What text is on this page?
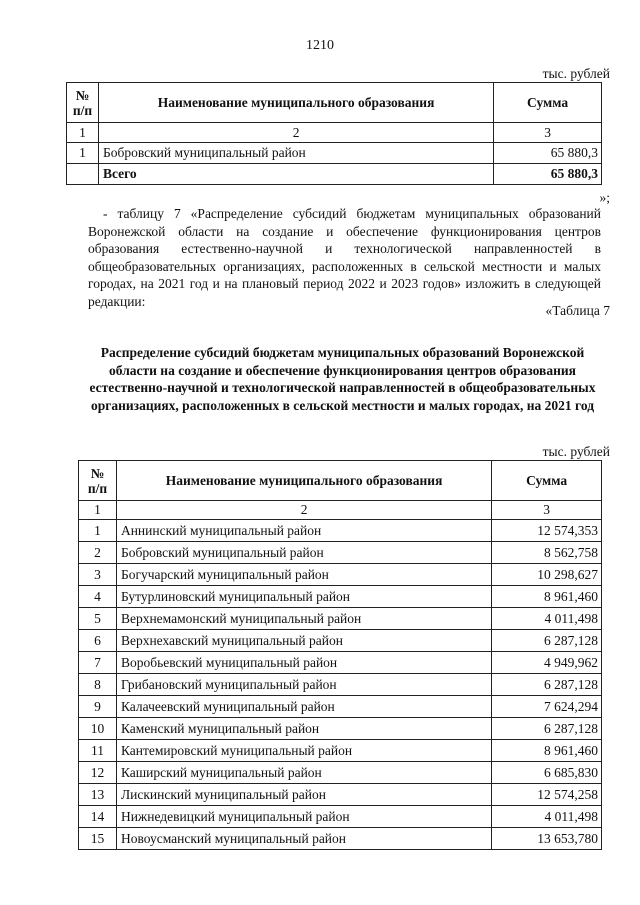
1210
тыс. рублей
№
п/п	Наименование муниципального образования	Сумма
1	2	3
1	Бобровский муниципальный район	65 880,3
	Всего	65 880,3
»;

- таблицу 7 «Распределение субсидий бюджетам муниципальных образований Воронежской области на создание и обеспечение функционирования центров образования естественно-научной и технологической направленностей в общеобразовательных организациях, расположенных в сельской местности и малых городах, на 2021 год и на плановый период 2022 и 2023 годов» изложить в следующей редакции:

«Таблица 7

Распределение субсидий бюджетам муниципальных образований Воронежской области на создание и обеспечение функционирования центров образования естественно-научной и технологической направленностей в общеобразовательных организациях, расположенных в сельской местности и малых городах, на 2021 год

тыс. рублей
№
п/п	Наименование муниципального образования	Сумма
1	2	3
1	Аннинский муниципальный район	12 574,353
2	Бобровский муниципальный район	8 562,758
3	Богучарский муниципальный район	10 298,627
4	Бутурлиновский муниципальный район	8 961,460
5	Верхнемамонский муниципальный район	4 011,498
6	Верхнехавский муниципальный район	6 287,128
7	Воробьевский муниципальный район	4 949,962
8	Грибановский муниципальный район	6 287,128
9	Калачеевский муниципальный район	7 624,294
10	Каменский муниципальный район	6 287,128
11	Кантемировский муниципальный район	8 961,460
12	Каширский муниципальный район	6 685,830
13	Лискинский муниципальный район	12 574,258
14	Нижнедевицкий муниципальный район	4 011,498
15	Новоусманский муниципальный район	13 653,780
